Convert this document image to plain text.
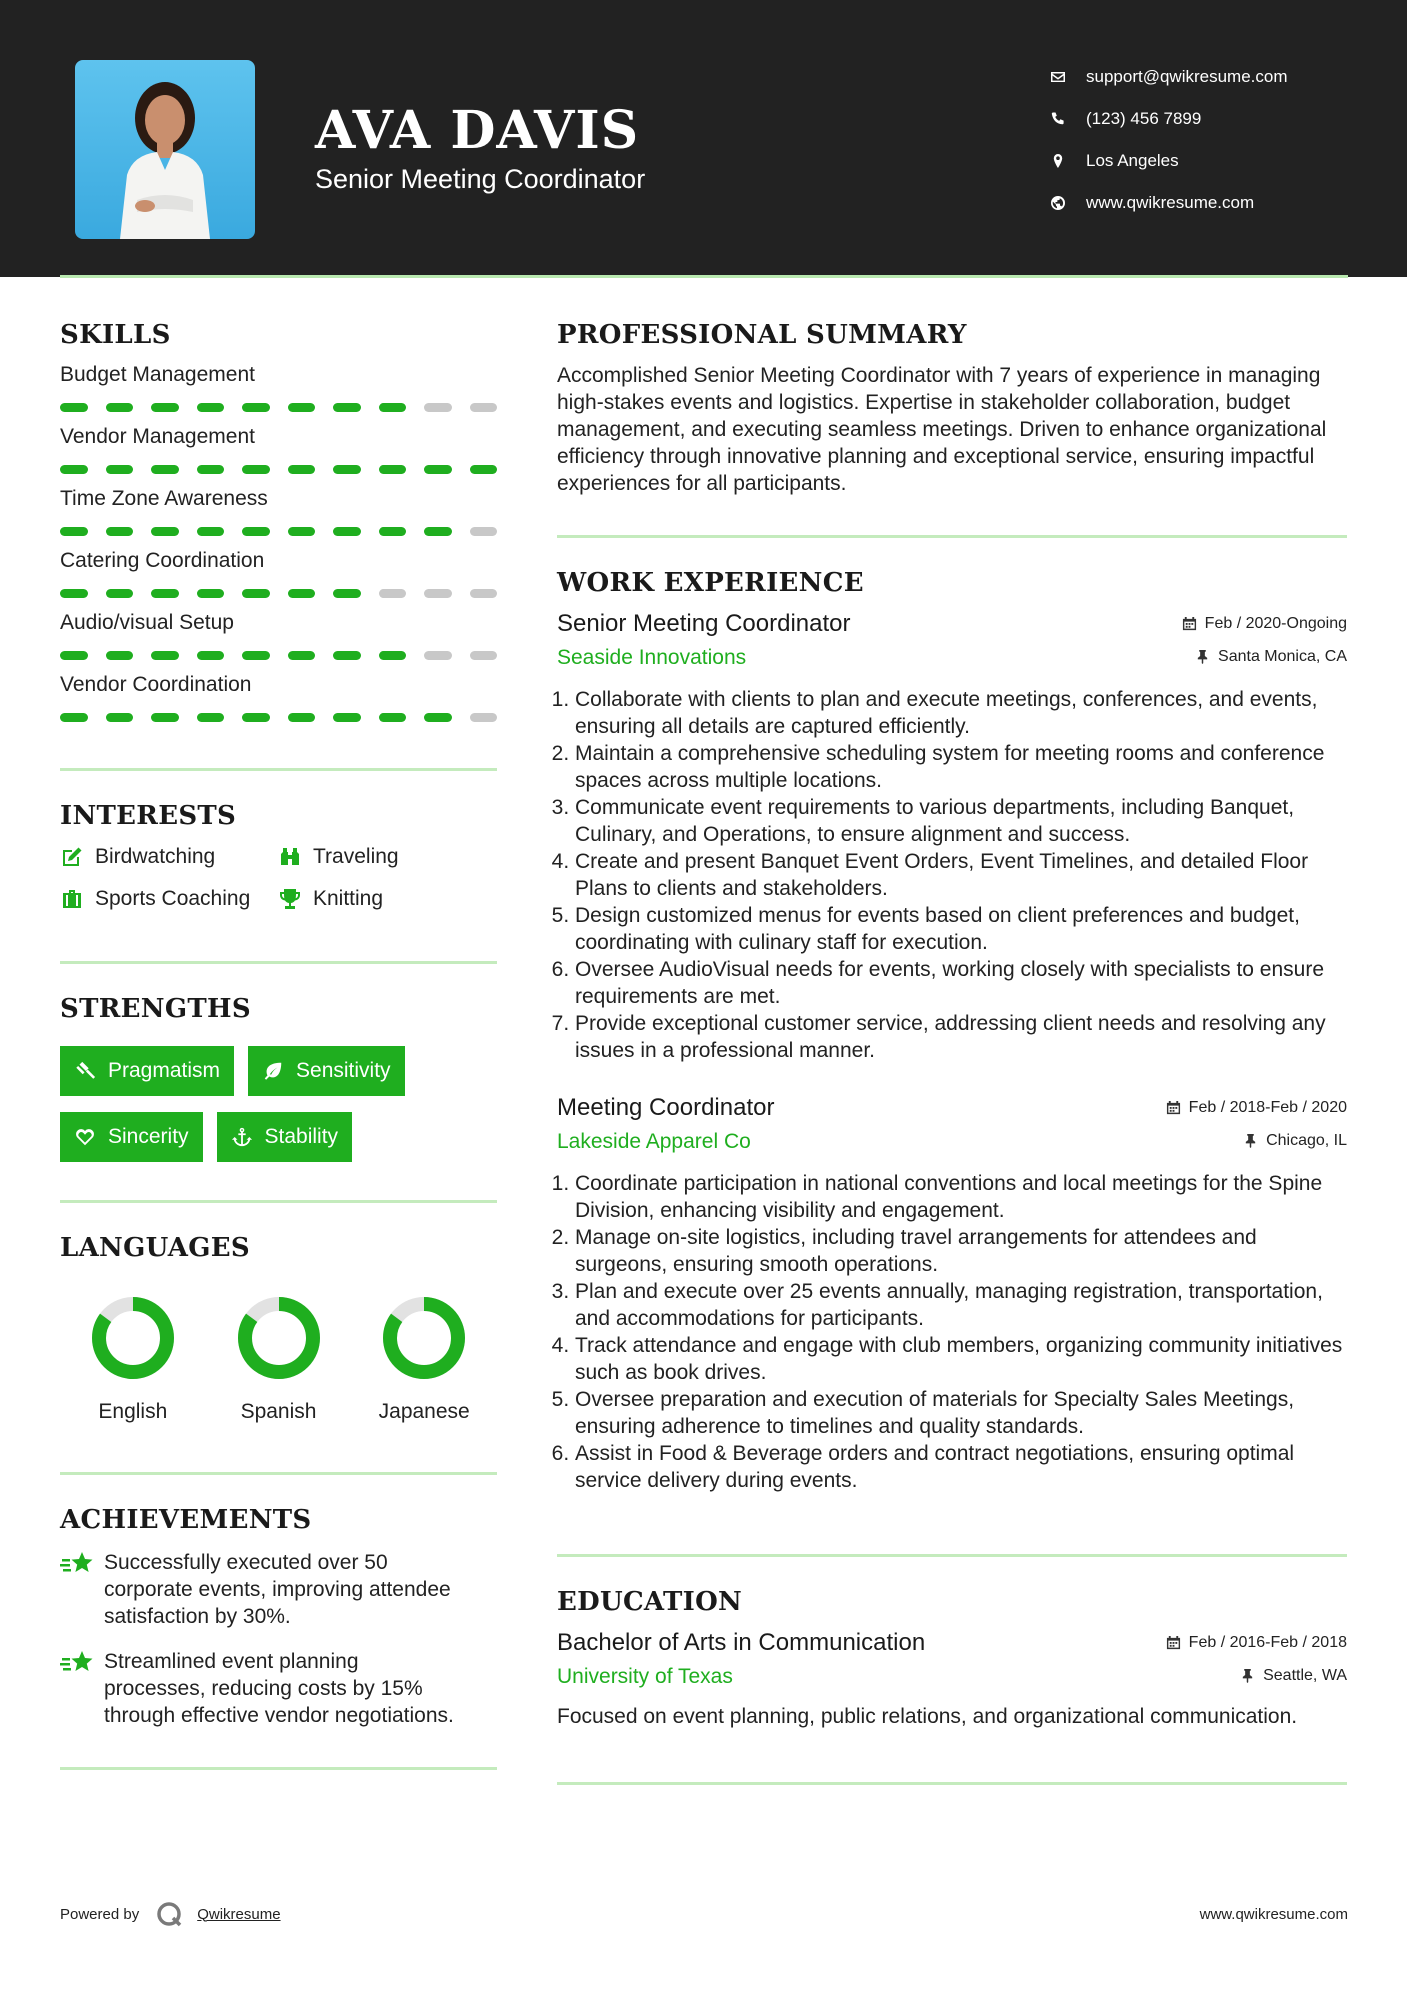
AVA DAVIS
Senior Meeting Coordinator
support@qwikresume.com
(123) 456 7899
Los Angeles
www.qwikresume.com
SKILLS
Budget Management
Vendor Management
Time Zone Awareness
Catering Coordination
Audio/visual Setup
Vendor Coordination
INTERESTS
Birdwatching	Traveling
Sports Coaching	Knitting
STRENGTHS
Pragmatism	Sensitivity
Sincerity	Stability
LANGUAGES
English	Spanish	Japanese
ACHIEVEMENTS
Successfully executed over 50 corporate events, improving attendee satisfaction by 30%.
Streamlined event planning processes, reducing costs by 15% through effective vendor negotiations.
PROFESSIONAL SUMMARY
Accomplished Senior Meeting Coordinator with 7 years of experience in managing high-stakes events and logistics. Expertise in stakeholder collaboration, budget management, and executing seamless meetings. Driven to enhance organizational efficiency through innovative planning and exceptional service, ensuring impactful experiences for all participants.
WORK EXPERIENCE
Senior Meeting Coordinator	Feb / 2020-Ongoing
Seaside Innovations	Santa Monica, CA
1. Collaborate with clients to plan and execute meetings, conferences, and events, ensuring all details are captured efficiently.
2. Maintain a comprehensive scheduling system for meeting rooms and conference spaces across multiple locations.
3. Communicate event requirements to various departments, including Banquet, Culinary, and Operations, to ensure alignment and success.
4. Create and present Banquet Event Orders, Event Timelines, and detailed Floor Plans to clients and stakeholders.
5. Design customized menus for events based on client preferences and budget, coordinating with culinary staff for execution.
6. Oversee AudioVisual needs for events, working closely with specialists to ensure requirements are met.
7. Provide exceptional customer service, addressing client needs and resolving any issues in a professional manner.
Meeting Coordinator	Feb / 2018-Feb / 2020
Lakeside Apparel Co	Chicago, IL
1. Coordinate participation in national conventions and local meetings for the Spine Division, enhancing visibility and engagement.
2. Manage on-site logistics, including travel arrangements for attendees and surgeons, ensuring smooth operations.
3. Plan and execute over 25 events annually, managing registration, transportation, and accommodations for participants.
4. Track attendance and engage with club members, organizing community initiatives such as book drives.
5. Oversee preparation and execution of materials for Specialty Sales Meetings, ensuring adherence to timelines and quality standards.
6. Assist in Food & Beverage orders and contract negotiations, ensuring optimal service delivery during events.
EDUCATION
Bachelor of Arts in Communication	Feb / 2016-Feb / 2018
University of Texas	Seattle, WA
Focused on event planning, public relations, and organizational communication.
Powered by	Qwikresume	www.qwikresume.com
